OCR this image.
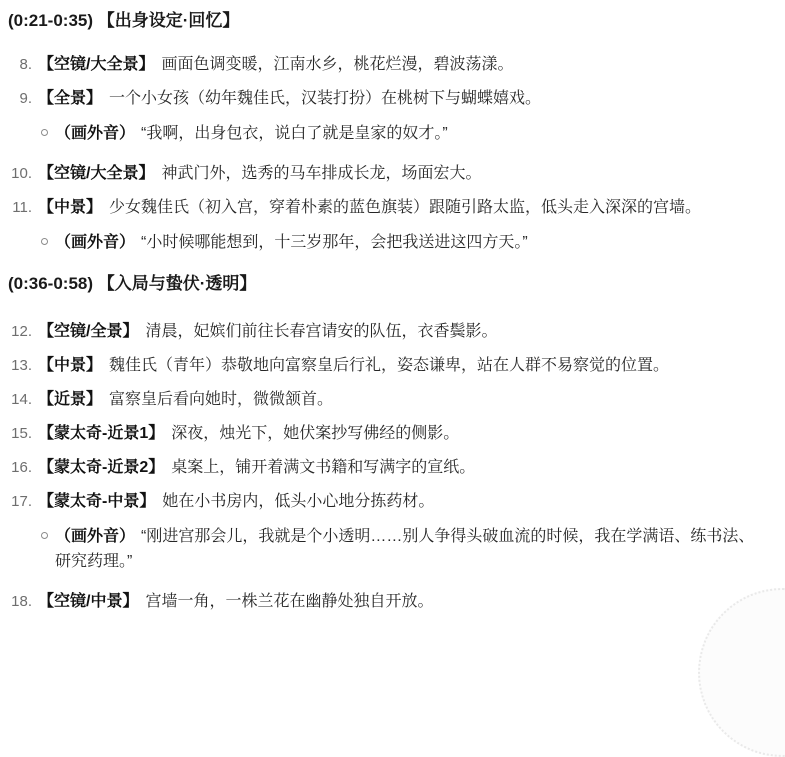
(0:21-0:35) 【出身设定·回忆】
8. 【空镜/大全景】 画面色调变暖，江南水乡，桃花烂漫，碧波荡漾。
9. 【全景】 一个小女孩（幼年魏佳氏，汉装打扮）在桃树下与蝴蝶嬉戏。
（画外音） “我啊，出身包衣，说白了就是皇家的奴才。”
10. 【空镜/大全景】 神武门外，选秀的马车排成长龙，场面宏大。
11. 【中景】 少女魏佳氏（初入宫，穿着朴素的蓝色旗装）跟随引路太监，低头走入深深的宫墙。
（画外音） “小时候哪能想到，十三岁那年，会把我送进这四方天。”
(0:36-0:58) 【入局与蛰伏·透明】
12. 【空镜/全景】 清晨，妃嫔们前往长春宫请安的队伍，衣香鬓影。
13. 【中景】 魏佳氏（青年）恭敬地向富察皇后行礼，姿态谦卑，站在人群不易察觉的位置。
14. 【近景】 富察皇后看向她时，微微颔首。
15. 【蒙太奇-近景1】 深夜，烛光下，她伏案抄写佛经的侧影。
16. 【蒙太奇-近景2】 桌案上，铺开着满文书籍和写满字的宣纸。
17. 【蒙太奇-中景】 她在小书房内，低头小心地分拣药材。
（画外音） “刚进宫那会儿，我就是个小透明……别人争得头破血流的时候，我在学满语、练书法、研究药理。”
18. 【空镜/中景】 宫墙一角，一株兰花在幽静处独自开放。
